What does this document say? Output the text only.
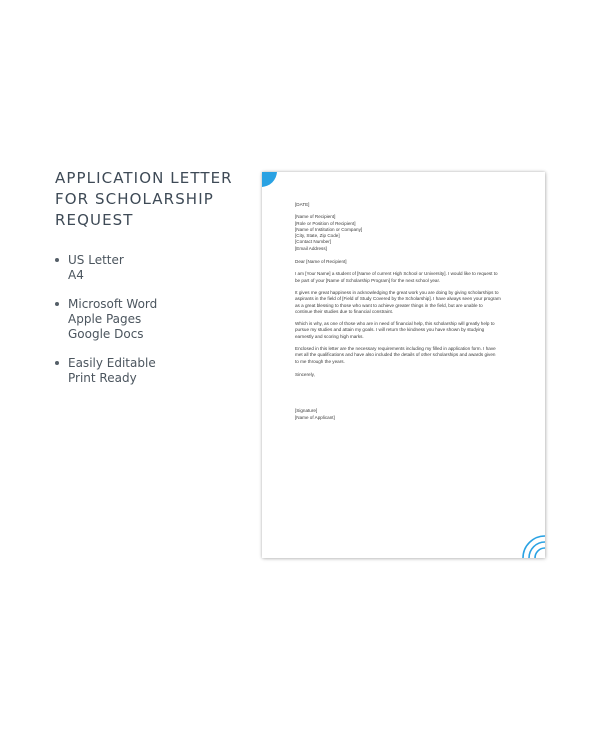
APPLICATION LETTER
FOR SCHOLARSHIP
REQUEST
US Letter
A4
Microsoft Word
Apple Pages
Google Docs
Easily Editable
Print Ready

[DATE]

[Name of Recipient]

[Role or Position of Recipient]

[Name of Institution or Company]

[City, State, Zip Code]

[Contact Number]

[Email Address]

Dear [Name of Recipient]

I am [Your Name] a student of [Name of current High School or University]. I would like to request to

be part of your [Name of Scholarship Program] for the next school year.

It gives me great happiness in acknowledging the great work you are doing by giving scholarships to

aspirants in the field of [Field of Study Covered by the Scholarship]. I have always seen your program

as a great blessing to those who want to achieve greater things in the field, but are unable to

continue their studies due to financial constraint.

Which is why, as one of those who are in need of financial help, this scholarship will greatly help to

pursue my studies and attain my goals. I will return the kindness you have shown by studying

earnestly and scoring high marks.

Enclosed in this letter are the necessary requirements including my filled in application form. I have

met all the qualifications and have also included the details of other scholarships and awards given

to me through the years.

Sincerely,

[Signature]

[Name of Applicant]
